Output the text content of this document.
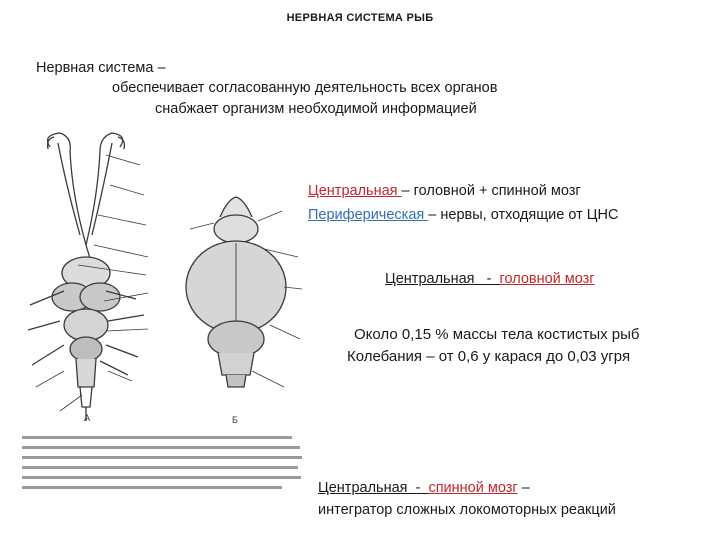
НЕРВНАЯ СИСТЕМА РЫБ
Нервная система –
обеспечивает согласованную деятельность всех органов
снабжает организм необходимой информацией
Центральная – головной + спинной мозг
Периферическая – нервы, отходящие от ЦНС
Центральная   -  головной мозг
Около 0,15 % массы тела костистых рыб
Колебания – от 0,6 у карася до 0,03 угря
Центральная  -  спинной мозг –
интегратор сложных локомоторных реакций
А	Б
